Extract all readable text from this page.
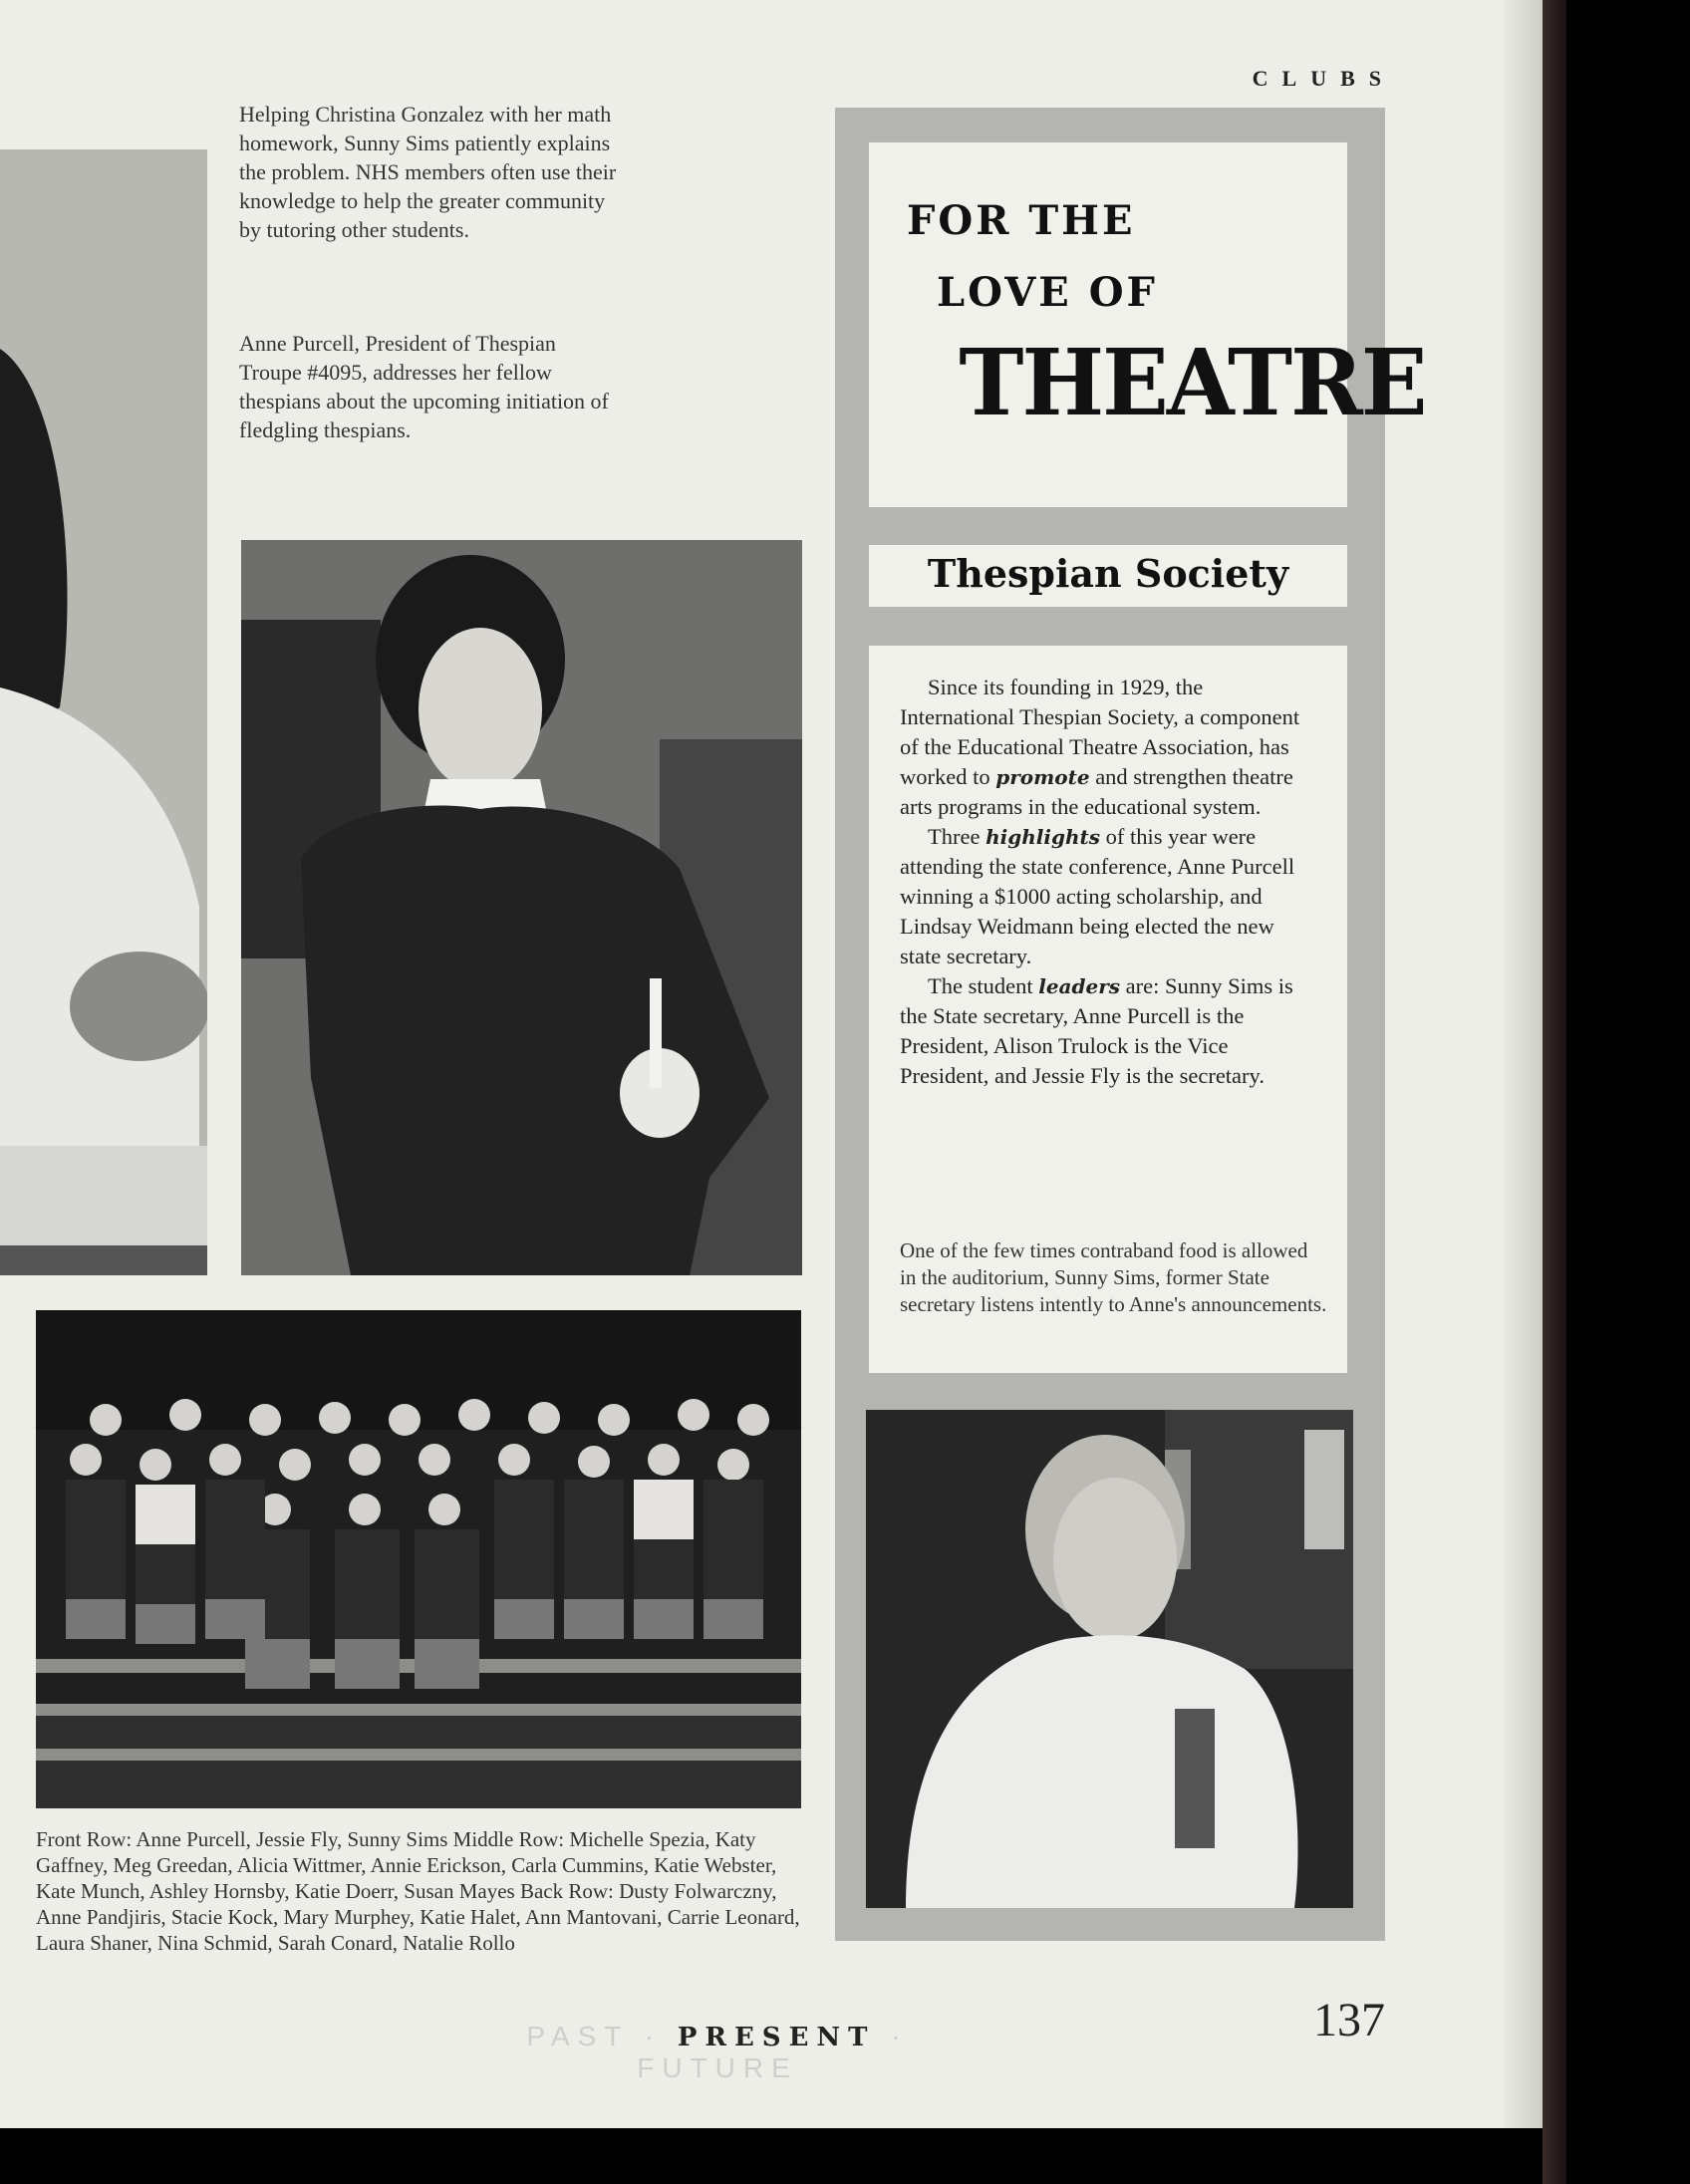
CLUBS
Helping Christina Gonzalez with her math homework, Sunny Sims patiently explains the problem. NHS members often use their knowledge to help the greater community by tutoring other students.
Anne Purcell, President of Thespian Troupe #4095, addresses her fellow thespians about the upcoming initiation of fledgling thespians.
Front Row: Anne Purcell, Jessie Fly, Sunny Sims Middle Row: Michelle Spezia, Katy Gaffney, Meg Greedan, Alicia Wittmer, Annie Erickson, Carla Cummins, Katie Webster, Kate Munch, Ashley Hornsby, Katie Doerr, Susan Mayes Back Row: Dusty Folwarczny, Anne Pandjiris, Stacie Kock, Mary Murphey, Katie Halet, Ann Mantovani, Carrie Leonard, Laura Shaner, Nina Schmid, Sarah Conard, Natalie Rollo
FOR THE
LOVE OF
THEATRE
Thespian Society

Since its founding in 1929, the International Thespian Society, a component of the Educational Theatre Association, has worked to promote and strengthen theatre arts programs in the educational system.

Three highlights of this year were attending the state conference, Anne Purcell winning a $1000 acting scholarship, and Lindsay Weidmann being elected the new state secretary.

The student leaders are: Sunny Sims is the State secretary, Anne Purcell is the President, Alison Trulock is the Vice President, and Jessie Fly is the secretary.

One of the few times contraband food is allowed in the auditorium, Sunny Sims, former State secretary listens intently to Anne's announcements.
PAST · PRESENT · FUTURE
137
